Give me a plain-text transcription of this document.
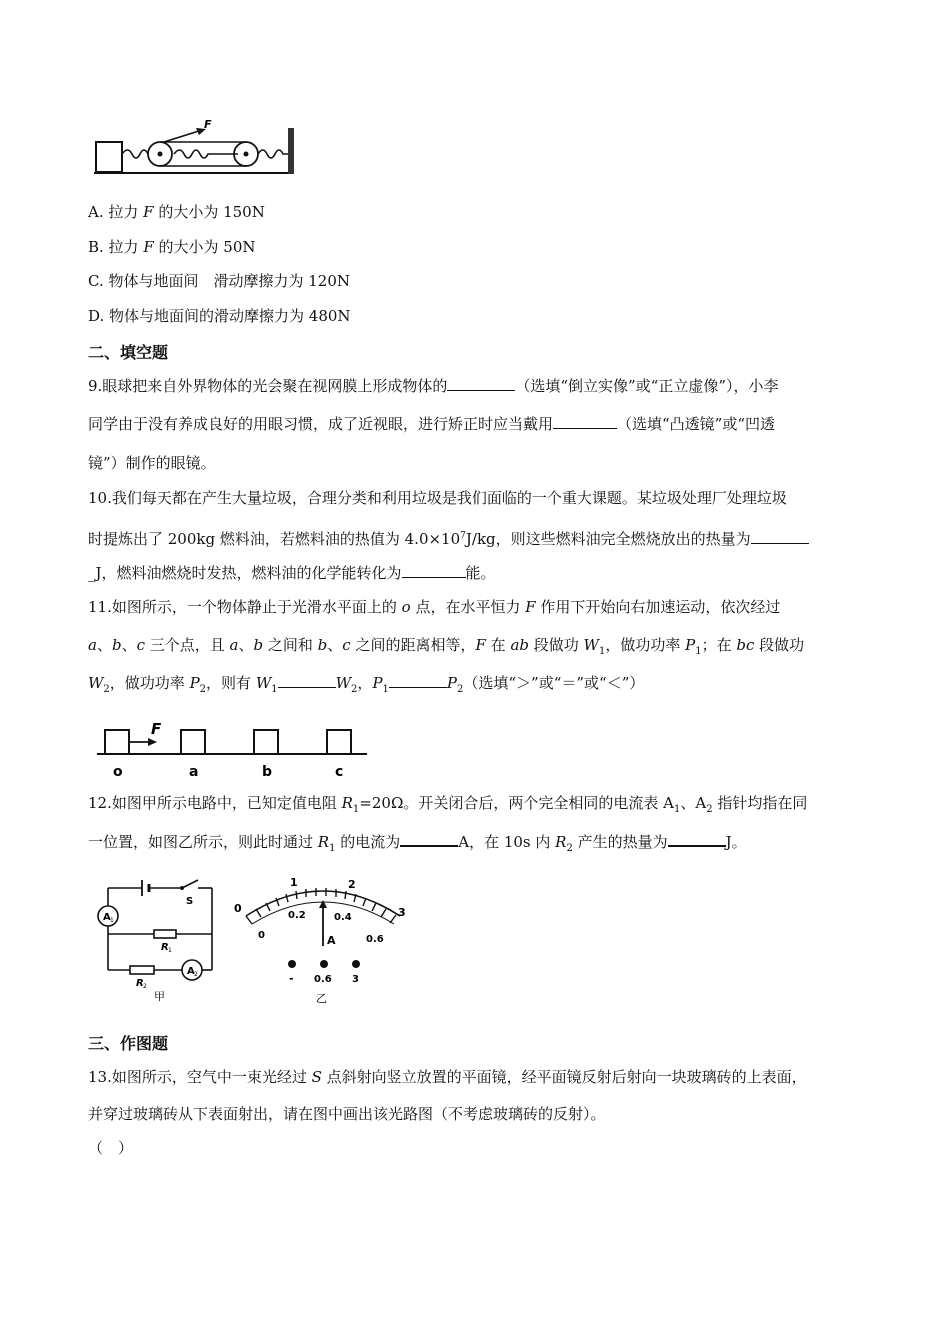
F
A. 拉力 F 的大小为 150N
B. 拉力 F 的大小为 50N
C. 物体与地面间　滑动摩擦力为 120N
D. 物体与地面间的滑动摩擦力为 480N
二、填空题
9.眼球把来自外界物体的光会聚在视网膜上形成物体的	（选填“倒立实像”或“正立虚像”），小李
同学由于没有养成良好的用眼习惯，成了近视眼，进行矫正时应当戴用	（选填“凸透镜”或“凹透
镜”）制作的眼镜。
10.我们每天都在产生大量垃圾，合理分类和利用垃圾是我们面临的一个重大课题。某垃圾处理厂处理垃圾
时提炼出了 200kg 燃料油，若燃料油的热值为 $4.0\times 10^7J/kg$，则这些燃料油完全燃烧放出的热量为
_J，燃料油燃烧时发热，燃料油的化学能转化为	能。
11.如图所示，一个物体静止于光滑水平面上的 o 点，在水平恒力 F 作用下开始向右加速运动，依次经过
a、b、c 三个点，且 a、b 之间和 b、c 之间的距离相等，F 在 ab 段做功 $W_1$，做功功率 $P_1$；在 bc 段做功
$W_2$，做功功率 $P_2$，则有 $W_1$	$W_2$，$P_1$	$P_2$（选填“＞”或“＝”或“＜”）
F
o	a	b	c
12.如图甲所示电路中，已知定值电阻 $R_1=20\Omega$。开关闭合后，两个完全相同的电流表 $A_1$、$A_2$ 指针均指在同
一位置，如图乙所示，则此时通过 $R_1$ 的电流为	A，在 10s 内 $R_2$ 产生的热量为	J。
S
A 1
R 1
A 2
R 2
甲
0
1	2
3
0
0.2	0.4
0.6
A
- 0.6 3
乙
三、作图题
13.如图所示，空气中一束光经过 S 点斜射向竖立放置的平面镜，经平面镜反射后射向一块玻璃砖的上表面，
并穿过玻璃砖从下表面射出，请在图中画出该光路图（不考虑玻璃砖的反射）。
（　）
